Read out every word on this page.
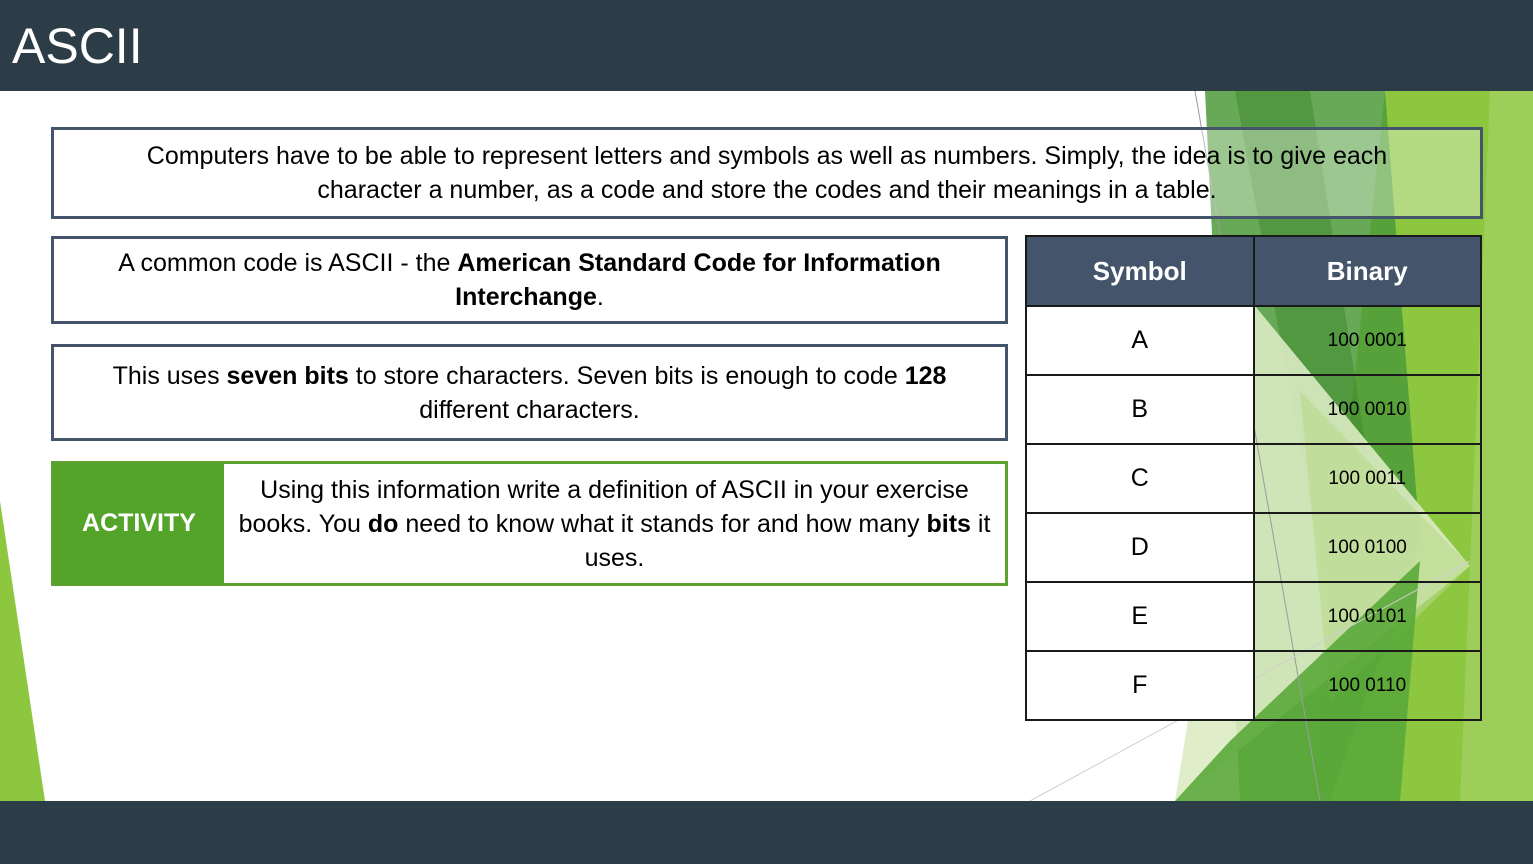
ASCII

Computers have to be able to represent letters and symbols as well as numbers. Simply, the idea is to give each character a number, as a code and store the codes and their meanings in a table.

A common code is ASCII - the American Standard Code for Information Interchange.

This uses seven bits to store characters. Seven bits is enough to code 128 different characters.

ACTIVITY

Using this information write a definition of ASCII in your exercise books. You do need to know what it stands for and how many bits it uses.

Symbol	Binary
A	100 0001
B	100 0010
C	100 0011
D	100 0100
E	100 0101
F	100 0110
